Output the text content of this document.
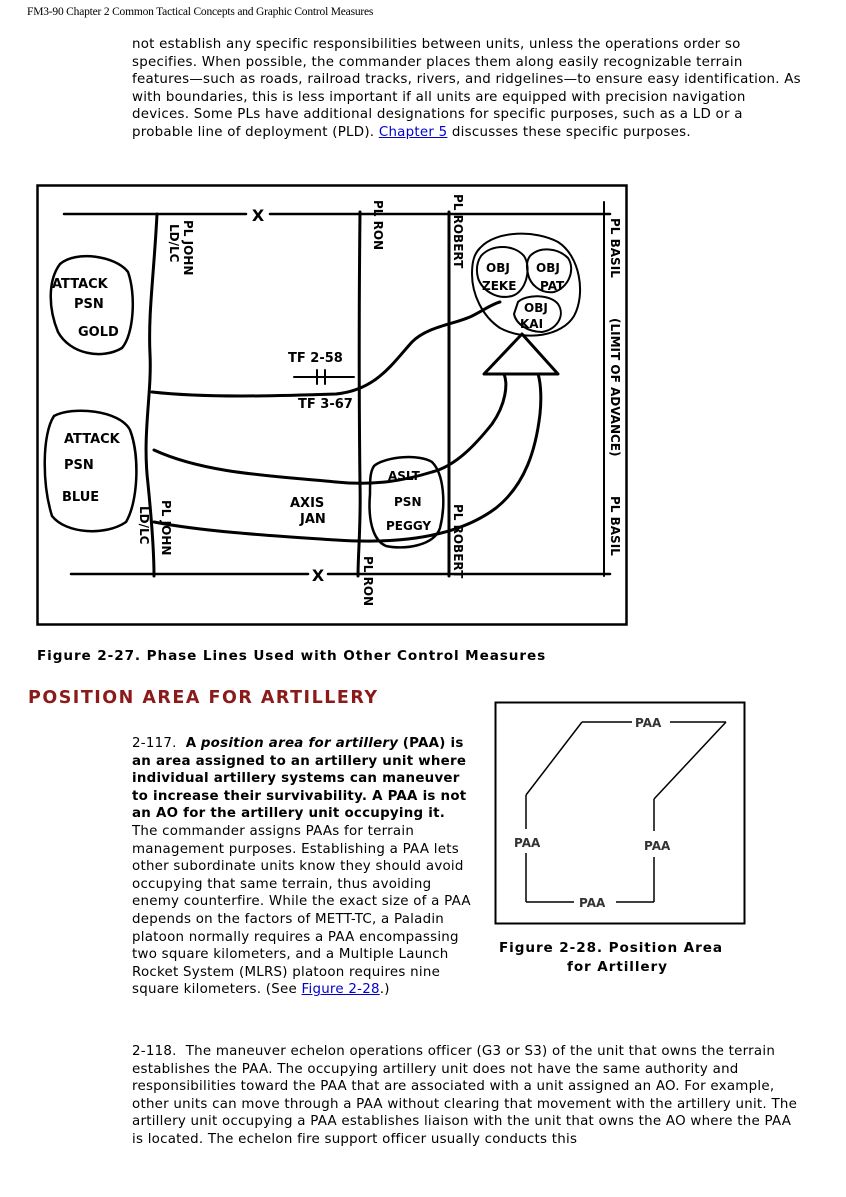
FM3-90 Chapter 2 Common Tactical Concepts and Graphic Control Measures

not establish any specific responsibilities between units, unless the operations order so specifies. When possible, the commander places them along easily recognizable terrain features—such as roads, railroad tracks, rivers, and ridgelines—to ensure easy identification. As with boundaries, this is less important if all units are equipped with precision navigation devices. Some PLs have additional designations for specific purposes, such as a LD or a probable line of deployment (PLD). Chapter 5 discusses these specific purposes.

X
X
PL JOHN
LD/LC	PL RON	PL ROBERT	PL BASIL
(LIMIT OF ADVANCE)
PL BASIL
PL JOHN
LD/LC
PL RON
PL ROBERT
ATTACK
PSN
GOLD
ATTACK
PSN
BLUE
TF 2-58
TF 3-67
AXIS
JAN
ASLT
PSN
PEGGY
OBJ
ZEKE
OBJ
PAT
OBJ
KAI
Figure 2-27. Phase Lines Used with Other Control Measures
POSITION AREA FOR ARTILLERY
PAA
PAA	PAA
PAA
Figure 2-28. Position Area
for Artillery

2-117. A position area for artillery (PAA) is an area assigned to an artillery unit where individual artillery systems can maneuver to increase their survivability. A PAA is not an AO for the artillery unit occupying it. The commander assigns PAAs for terrain management purposes. Establishing a PAA lets other subordinate units know they should avoid occupying that same terrain, thus avoiding enemy counterfire. While the exact size of a PAA depends on the factors of METT-TC, a Paladin platoon normally requires a PAA encompassing two square kilometers, and a Multiple Launch Rocket System (MLRS) platoon requires nine square kilometers. (See Figure 2-28.)

2-118. The maneuver echelon operations officer (G3 or S3) of the unit that owns the terrain establishes the PAA. The occupying artillery unit does not have the same authority and responsibilities toward the PAA that are associated with a unit assigned an AO. For example, other units can move through a PAA without clearing that movement with the artillery unit. The artillery unit occupying a PAA establishes liaison with the unit that owns the AO where the PAA is located. The echelon fire support officer usually conducts this
